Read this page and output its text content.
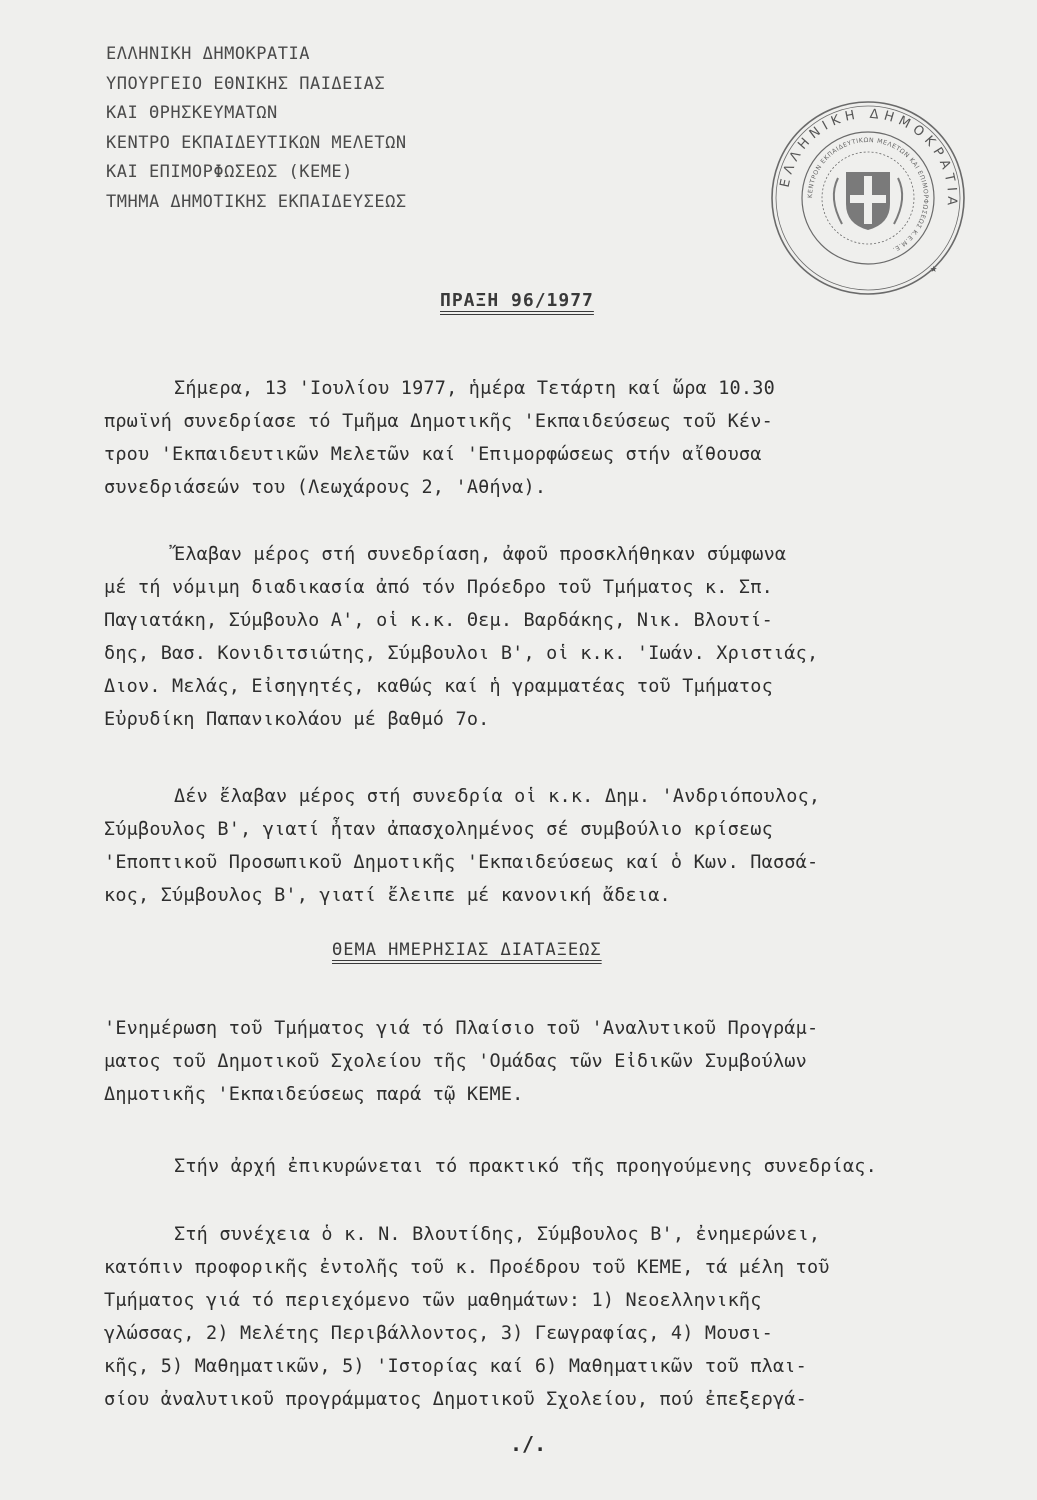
ΕΛΛΗΝΙΚΗ ΔΗΜΟΚΡΑΤΙΑ
ΥΠΟΥΡΓΕΙΟ ΕΘΝΙΚΗΣ ΠΑΙΔΕΙΑΣ
ΚΑΙ ΘΡΗΣΚΕΥΜΑΤΩΝ
ΚΕΝΤΡΟ ΕΚΠΑΙΔΕΥΤΙΚΩΝ ΜΕΛΕΤΩΝ
ΚΑΙ ΕΠΙΜΟΡΦΩΣΕΩΣ (ΚΕΜΕ)
ΤΜΗΜΑ ΔΗΜΟΤΙΚΗΣ ΕΚΠΑΙΔΕΥΣΕΩΣ
ΕΛΛΗΝΙΚΗ ΔΗΜΟΚΡΑΤΙΑ
ΚΕΝΤΡΟΝ ΕΚΠΑΙΔΕΥΤΙΚΩΝ ΜΕΛΕΤΩΝ ΚΑΙ ΕΠΙΜΟΡΦΩΣΕΩΣ Κ.Ε.Μ.Ε.
★
ΠΡΑΞΗ 96/1977
Σήμερα, 13 'Ιουλίου 1977, ἡμέρα Τετάρτη καί ὥρα 10.30
πρωϊνή συνεδρίασε τό Τμῆμα Δημοτικῆς 'Εκπαιδεύσεως τοῦ Κέν-
τρου 'Εκπαιδευτικῶν Μελετῶν καί 'Επιμορφώσεως στήν αἴθουσα
συνεδριάσεών του (Λεωχάρους 2, 'Αθήνα).
Ἔλαβαν μέρος στή συνεδρίαση, ἀφοῦ προσκλήθηκαν σύμφωνα
μέ τή νόμιμη διαδικασία ἀπό τόν Πρόεδρο τοῦ Τμήματος κ. Σπ.
Παγιατάκη, Σύμβουλο Α', οἱ κ.κ. Θεμ. Βαρδάκης, Νικ. Βλουτί-
δης, Βασ. Κονιδιτσιώτης, Σύμβουλοι Β', οἱ κ.κ. 'Ιωάν. Χριστιάς,
Διον. Μελάς, Εἰσηγητές, καθώς καί ἡ γραμματέας τοῦ Τμήματος
Εὐρυδίκη Παπανικολάου μέ βαθμό 7ο.
Δέν ἔλαβαν μέρος στή συνεδρία οἱ κ.κ. Δημ. 'Ανδριόπουλος,
Σύμβουλος Β', γιατί ἦταν ἀπασχολημένος σέ συμβούλιο κρίσεως
'Εποπτικοῦ Προσωπικοῦ Δημοτικῆς 'Εκπαιδεύσεως καί ὁ Κων. Πασσά-
κος, Σύμβουλος Β', γιατί ἔλειπε μέ κανονική ἄδεια.
ΘΕΜΑ ΗΜΕΡΗΣΙΑΣ ΔΙΑΤΑΞΕΩΣ
'Ενημέρωση τοῦ Τμήματος γιά τό Πλαίσιο τοῦ 'Αναλυτικοῦ Προγράμ-
ματος τοῦ Δημοτικοῦ Σχολείου τῆς 'Ομάδας τῶν Εἰδικῶν Συμβούλων
Δημοτικῆς 'Εκπαιδεύσεως παρά τῷ ΚΕΜΕ.
Στήν ἀρχή ἐπικυρώνεται τό πρακτικό τῆς προηγούμενης συνεδρίας.
Στή συνέχεια ὁ κ. Ν. Βλουτίδης, Σύμβουλος Β', ἐνημερώνει,
κατόπιν προφορικῆς ἐντολῆς τοῦ κ. Προέδρου τοῦ ΚΕΜΕ, τά μέλη τοῦ
Τμήματος γιά τό περιεχόμενο τῶν μαθημάτων: 1) Νεοελληνικῆς
γλώσσας, 2) Μελέτης Περιβάλλοντος, 3) Γεωγραφίας, 4) Μουσι-
κῆς, 5) Μαθηματικῶν, 5) 'Ιστορίας καί 6) Μαθηματικῶν τοῦ πλαι-
σίου ἀναλυτικοῦ προγράμματος Δημοτικοῦ Σχολείου, πού ἐπεξεργά-
./.
